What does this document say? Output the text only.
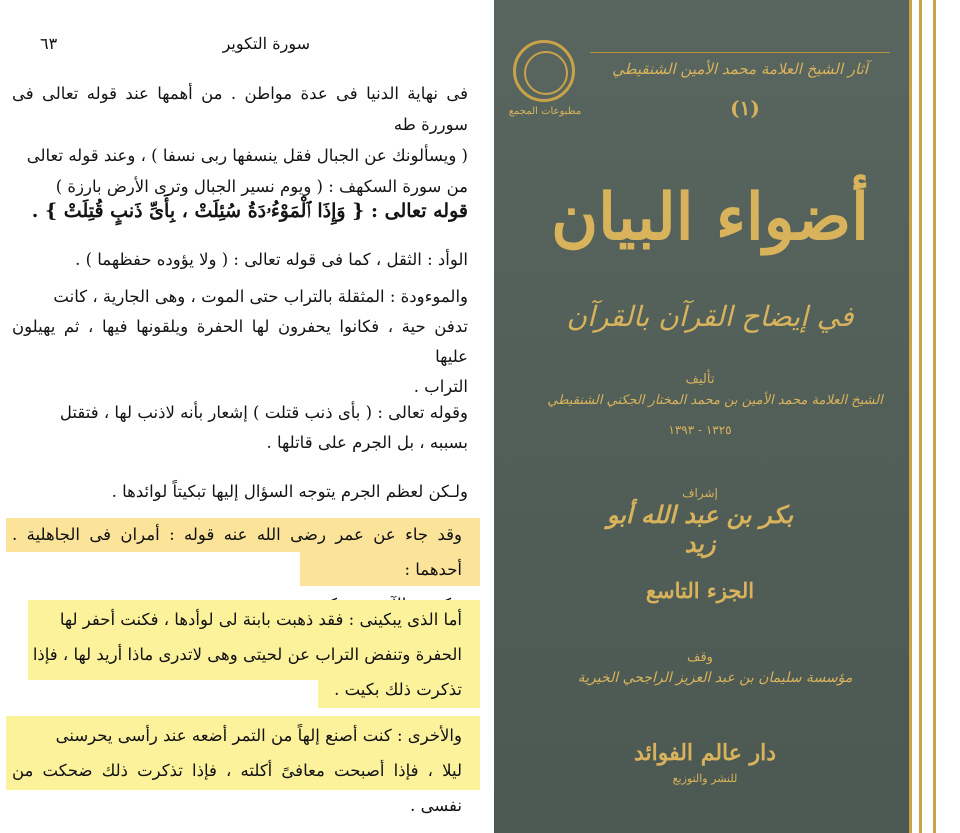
٦٣	سورة التكوير

فى نهاية الدنيا فى عدة مواطن . من أهمها عند قوله تعالى فى سوررة طه

( ويسألونك عن الجبال فقل ينسفها ربى نسفا ) ، وعند قوله تعالى

من سورة السكهف : ( ويوم نسير الجبال وترى الأرض بارزة )

قوله تعالى : { وَإِذَا ٱلْمَوْءُۥدَةُ سُئِلَتْ ، بِأَىِّ ذَنبٍ قُتِلَتْ } .

الوأد : الثقل ، كما فى قوله تعالى : ( ولا يؤوده حفظهما ) .

والموءودة : المثقلة بالتراب حتى الموت ، وهى الجارية ، كانت

تدفن حية ، فكانوا يحفرون لها الحفرة ويلقونها فيها ، ثم يهيلون عليها

التراب .

وقوله تعالى : ( بأى ذنب قتلت ) إشعار بأنه لاذنب لها ، فتقتل

بسببه ، بل الجرم على قاتلها .

ولـكن لعظم الجرم يتوجه السؤال إليها تبكيتاً لوائدها .

وقد جاء عن عمر رضى الله عنه قوله : أمران فى الجاهلية . أحدهما :

أما الذى يبكينى : فقد ذهبت بابنة لى لوأدها ، فكنت أحفر لها

الحفرة وتنفض التراب عن لحيتى وهى لاتدرى ماذا أريد لها ، فإذا

تذكرت ذلك بكيت .

والأخرى : كنت أصنع إلهاً من التمر أضعه عند رأسى يحرسنى

ليلا ، فإذا أصبحت معافىً أكلته ، فإذا تذكرت ذلك ضحكت من نفسى .

مطبوعات المجمع
آثار الشيخ العلامة محمد الأمين الشنقيطي
(١)
أضواء البيان
في إيضاح القرآن بالقرآن
تأليف
الشيخ العلامة محمد الأمين بن محمد المختار الجكني الشنقيطي
١٣٢٥ - ١٣٩٣
إشراف
بكر بن عبد الله أبو زيد
الجزء التاسع
وقف
مؤسسة سليمان بن عبد العزيز الراجحي الخيرية
دار عالم الفوائد
للنشر والتوزيع
